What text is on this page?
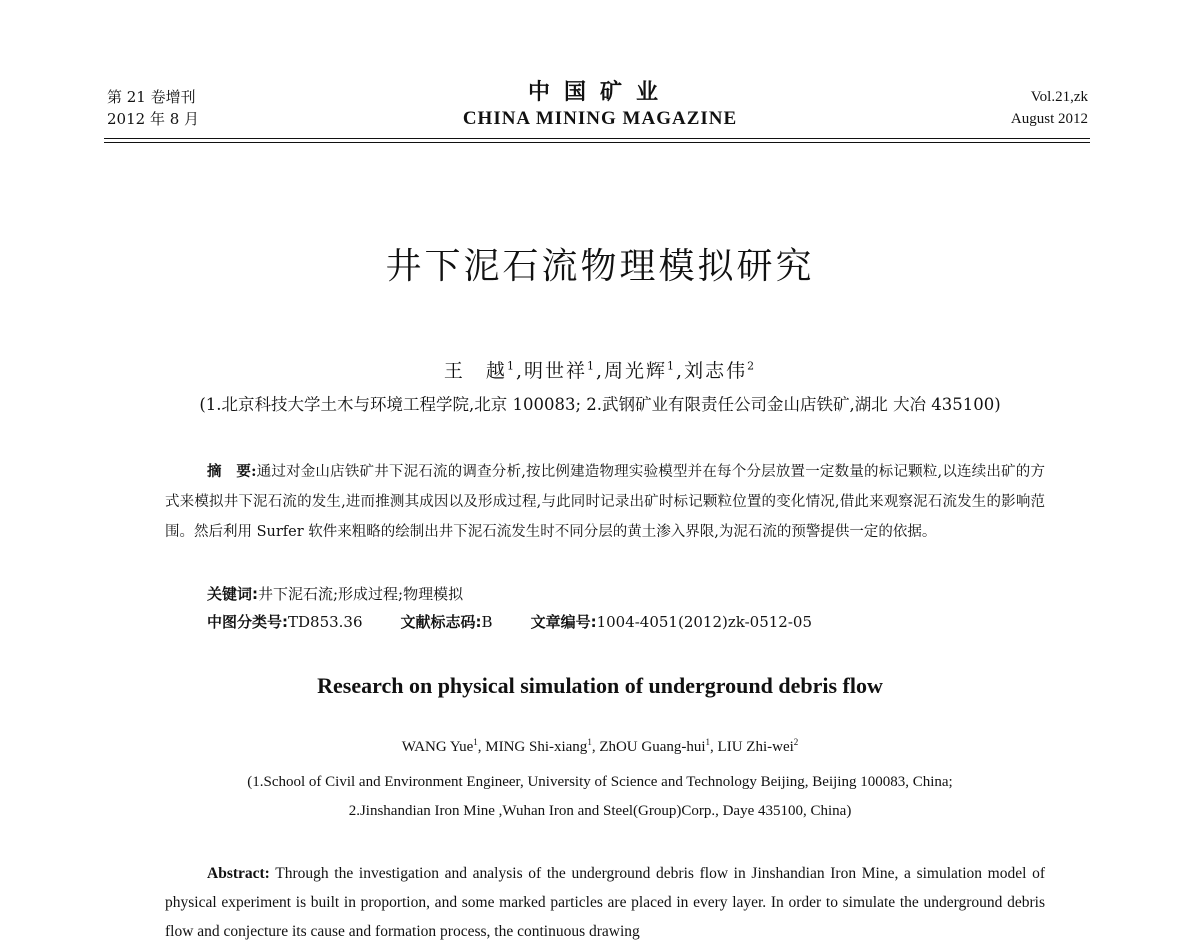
第 21 卷增刊
2012 年 8 月
中国矿业
CHINA MINING MAGAZINE
Vol.21,zk
August 2012
井下泥石流物理模拟研究
王　越$^1$,明世祥$^1$,周光辉$^1$,刘志伟$^2$
(1.北京科技大学土木与环境工程学院,北京 100083; 2.武钢矿业有限责任公司金山店铁矿,湖北 大冶 435100)
摘　要:通过对金山店铁矿井下泥石流的调查分析,按比例建造物理实验模型并在每个分层放置一定数量的标记颗粒,以连续出矿的方式来模拟井下泥石流的发生,进而推测其成因以及形成过程,与此同时记录出矿时标记颗粒位置的变化情况,借此来观察泥石流发生的影响范围。然后利用 Surfer 软件来粗略的绘制出井下泥石流发生时不同分层的黄土渗入界限,为泥石流的预警提供一定的依据。
关键词:井下泥石流;形成过程;物理模拟
中图分类号:TD853.36	文献标志码:B	文章编号:1004-4051(2012)zk-0512-05
Research on physical simulation of underground debris flow
WANG Yue$^1$, MING Shi-xiang$^1$, ZhOU Guang-hui$^1$, LIU Zhi-wei$^2$
(1.School of Civil and Environment Engineer, University of Science and Technology Beijing, Beijing 100083, China;
2.Jinshandian Iron Mine ,Wuhan Iron and Steel(Group)Corp., Daye 435100, China)
Abstract: Through the investigation and analysis of the underground debris flow in Jinshandian Iron Mine, a simulation model of physical experiment is built in proportion, and some marked particles are placed in every layer. In order to simulate the underground debris flow and conjecture its cause and formation process, the continuous drawing
